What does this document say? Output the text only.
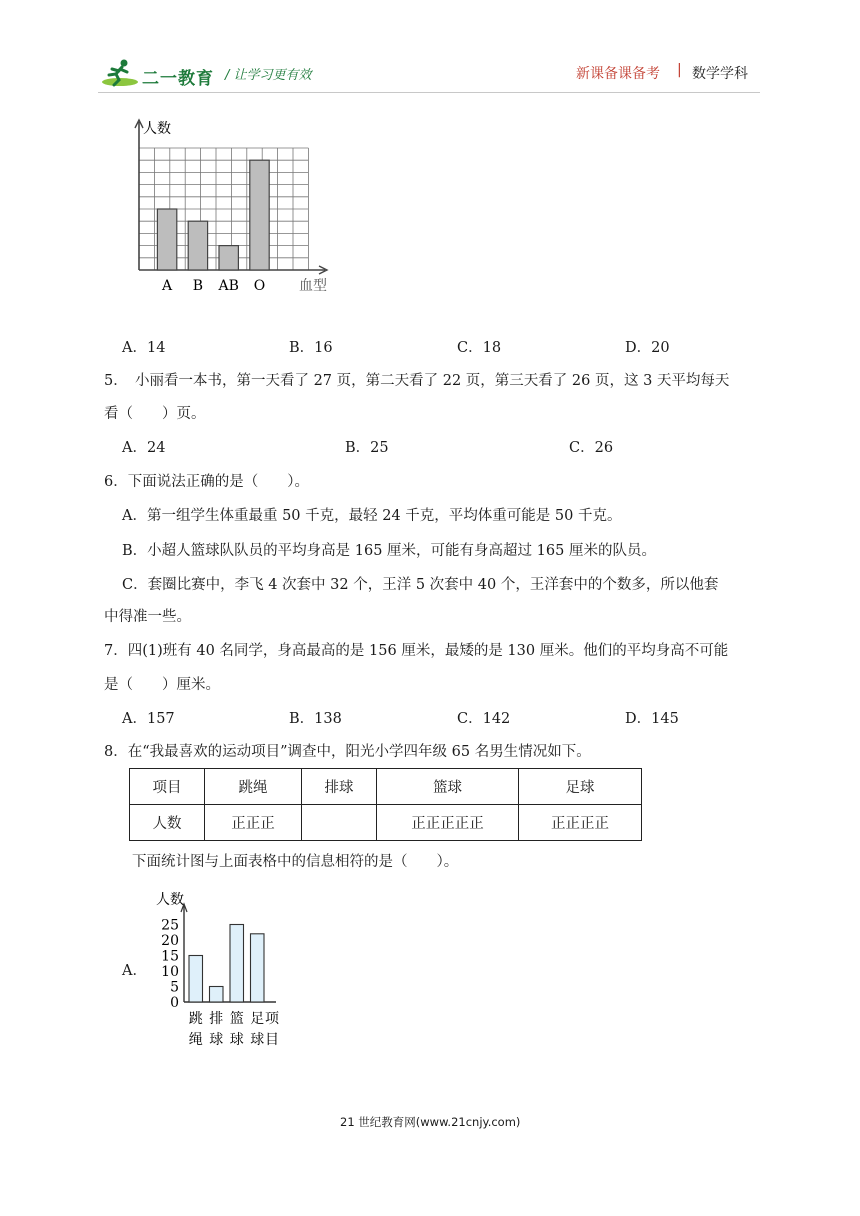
二一教育 / 让学习更有效	新课备课备考 | 数学学科
人数
血型
A B AB O
A．14	B．16	C．18	D．20
5．　小丽看一本书，第一天看了 27 页，第二天看了 22 页，第三天看了 26 页，这 3 天平均每天
看（　　）页。
A．24	B．25	C．26
6．下面说法正确的是（　　）。
A．第一组学生体重最重 50 千克，最轻 24 千克，平均体重可能是 50 千克。
B．小超人篮球队队员的平均身高是 165 厘米，可能有身高超过 165 厘米的队员。
C．套圈比赛中，李飞 4 次套中 32 个，王洋 5 次套中 40 个，王洋套中的个数多，所以他套
中得准一些。
7．四(1)班有 40 名同学，身高最高的是 156 厘米，最矮的是 130 厘米。他们的平均身高不可能
是（　　）厘米。
A．157	B．138	C．142	D．145
8．在“我最喜欢的运动项目”调查中，阳光小学四年级 65 名男生情况如下。
项目	跳绳	排球	篮球	足球
人数	正正正		正正正正正	正正正正
下面统计图与上面表格中的信息相符的是（　　）。
A．
人数
0
5
10
15
20
25
跳
绳
排
球
篮
球
足
球
项
目
21 世纪教育网(www.21cnjy.com)
